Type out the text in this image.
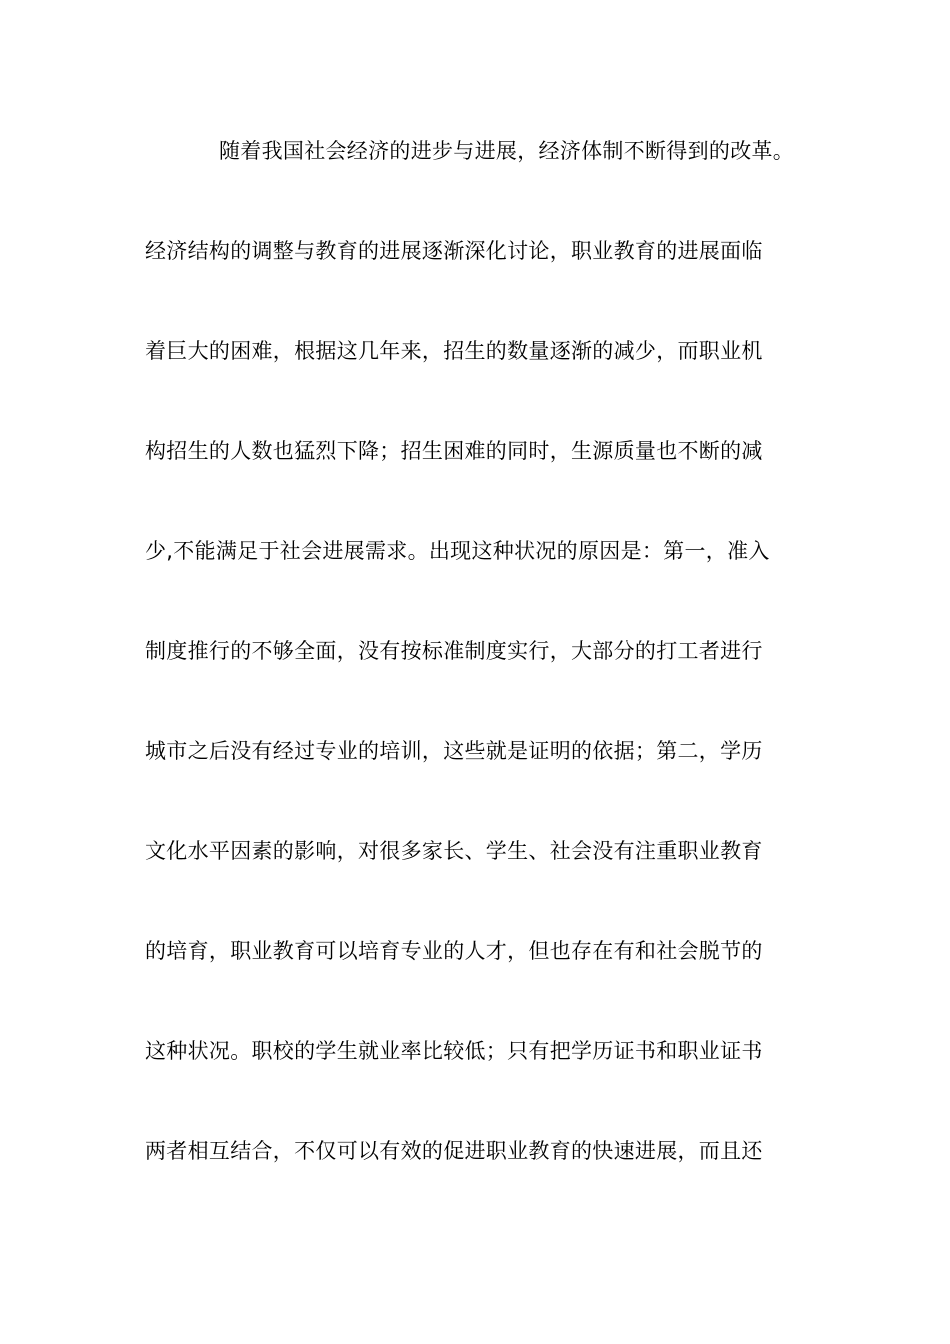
随着我国社会经济的进步与进展，经济体制不断得到的改革。
经济结构的调整与教育的进展逐渐深化讨论，职业教育的进展面临
着巨大的困难，根据这几年来，招生的数量逐渐的减少，而职业机
构招生的人数也猛烈下降；招生困难的同时，生源质量也不断的减
少,不能满足于社会进展需求。出现这种状况的原因是：第一，准入
制度推行的不够全面，没有按标准制度实行，大部分的打工者进行
城市之后没有经过专业的培训，这些就是证明的依据；第二，学历
文化水平因素的影响，对很多家长、学生、社会没有注重职业教育
的培育，职业教育可以培育专业的人才，但也存在有和社会脱节的
这种状况。职校的学生就业率比较低；只有把学历证书和职业证书
两者相互结合，不仅可以有效的促进职业教育的快速进展，而且还
